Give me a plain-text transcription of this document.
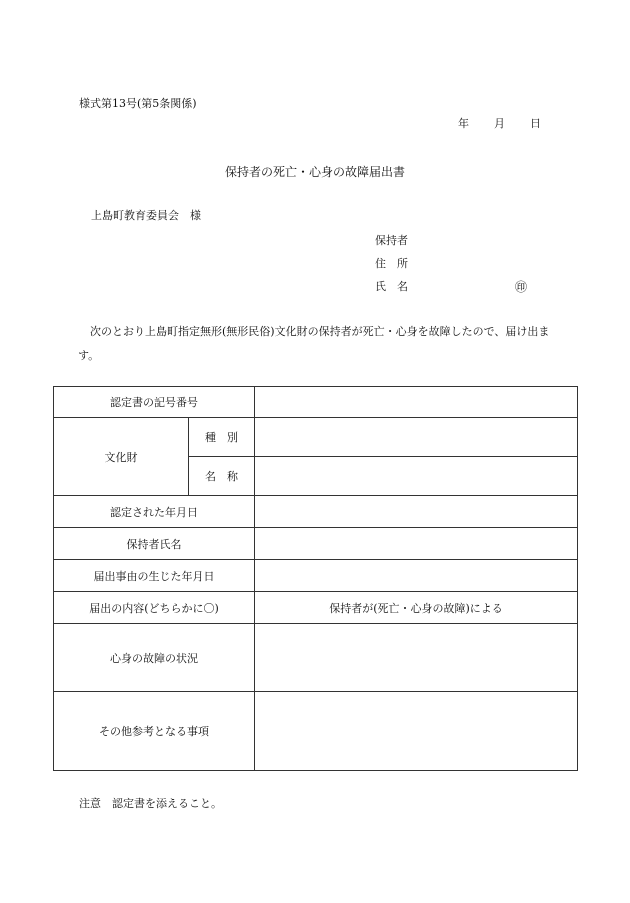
様式第13号(第5条関係)
年 月 日
保持者の死亡・心身の故障届出書
上島町教育委員会　様
保持者
住　所
氏　名	㊞
次のとおり上島町指定無形(無形民俗)文化財の保持者が死亡・心身を故障したので、届け出ます。
認定書の記号番号		
文化財	種　別	
	名　称	
認定された年月日		
保持者氏名		
届出事由の生じた年月日		
届出の内容(どちらかに〇)		保持者が(死亡・心身の故障)による
心身の故障の状況		
その他参考となる事項		
注意　認定書を添えること。
